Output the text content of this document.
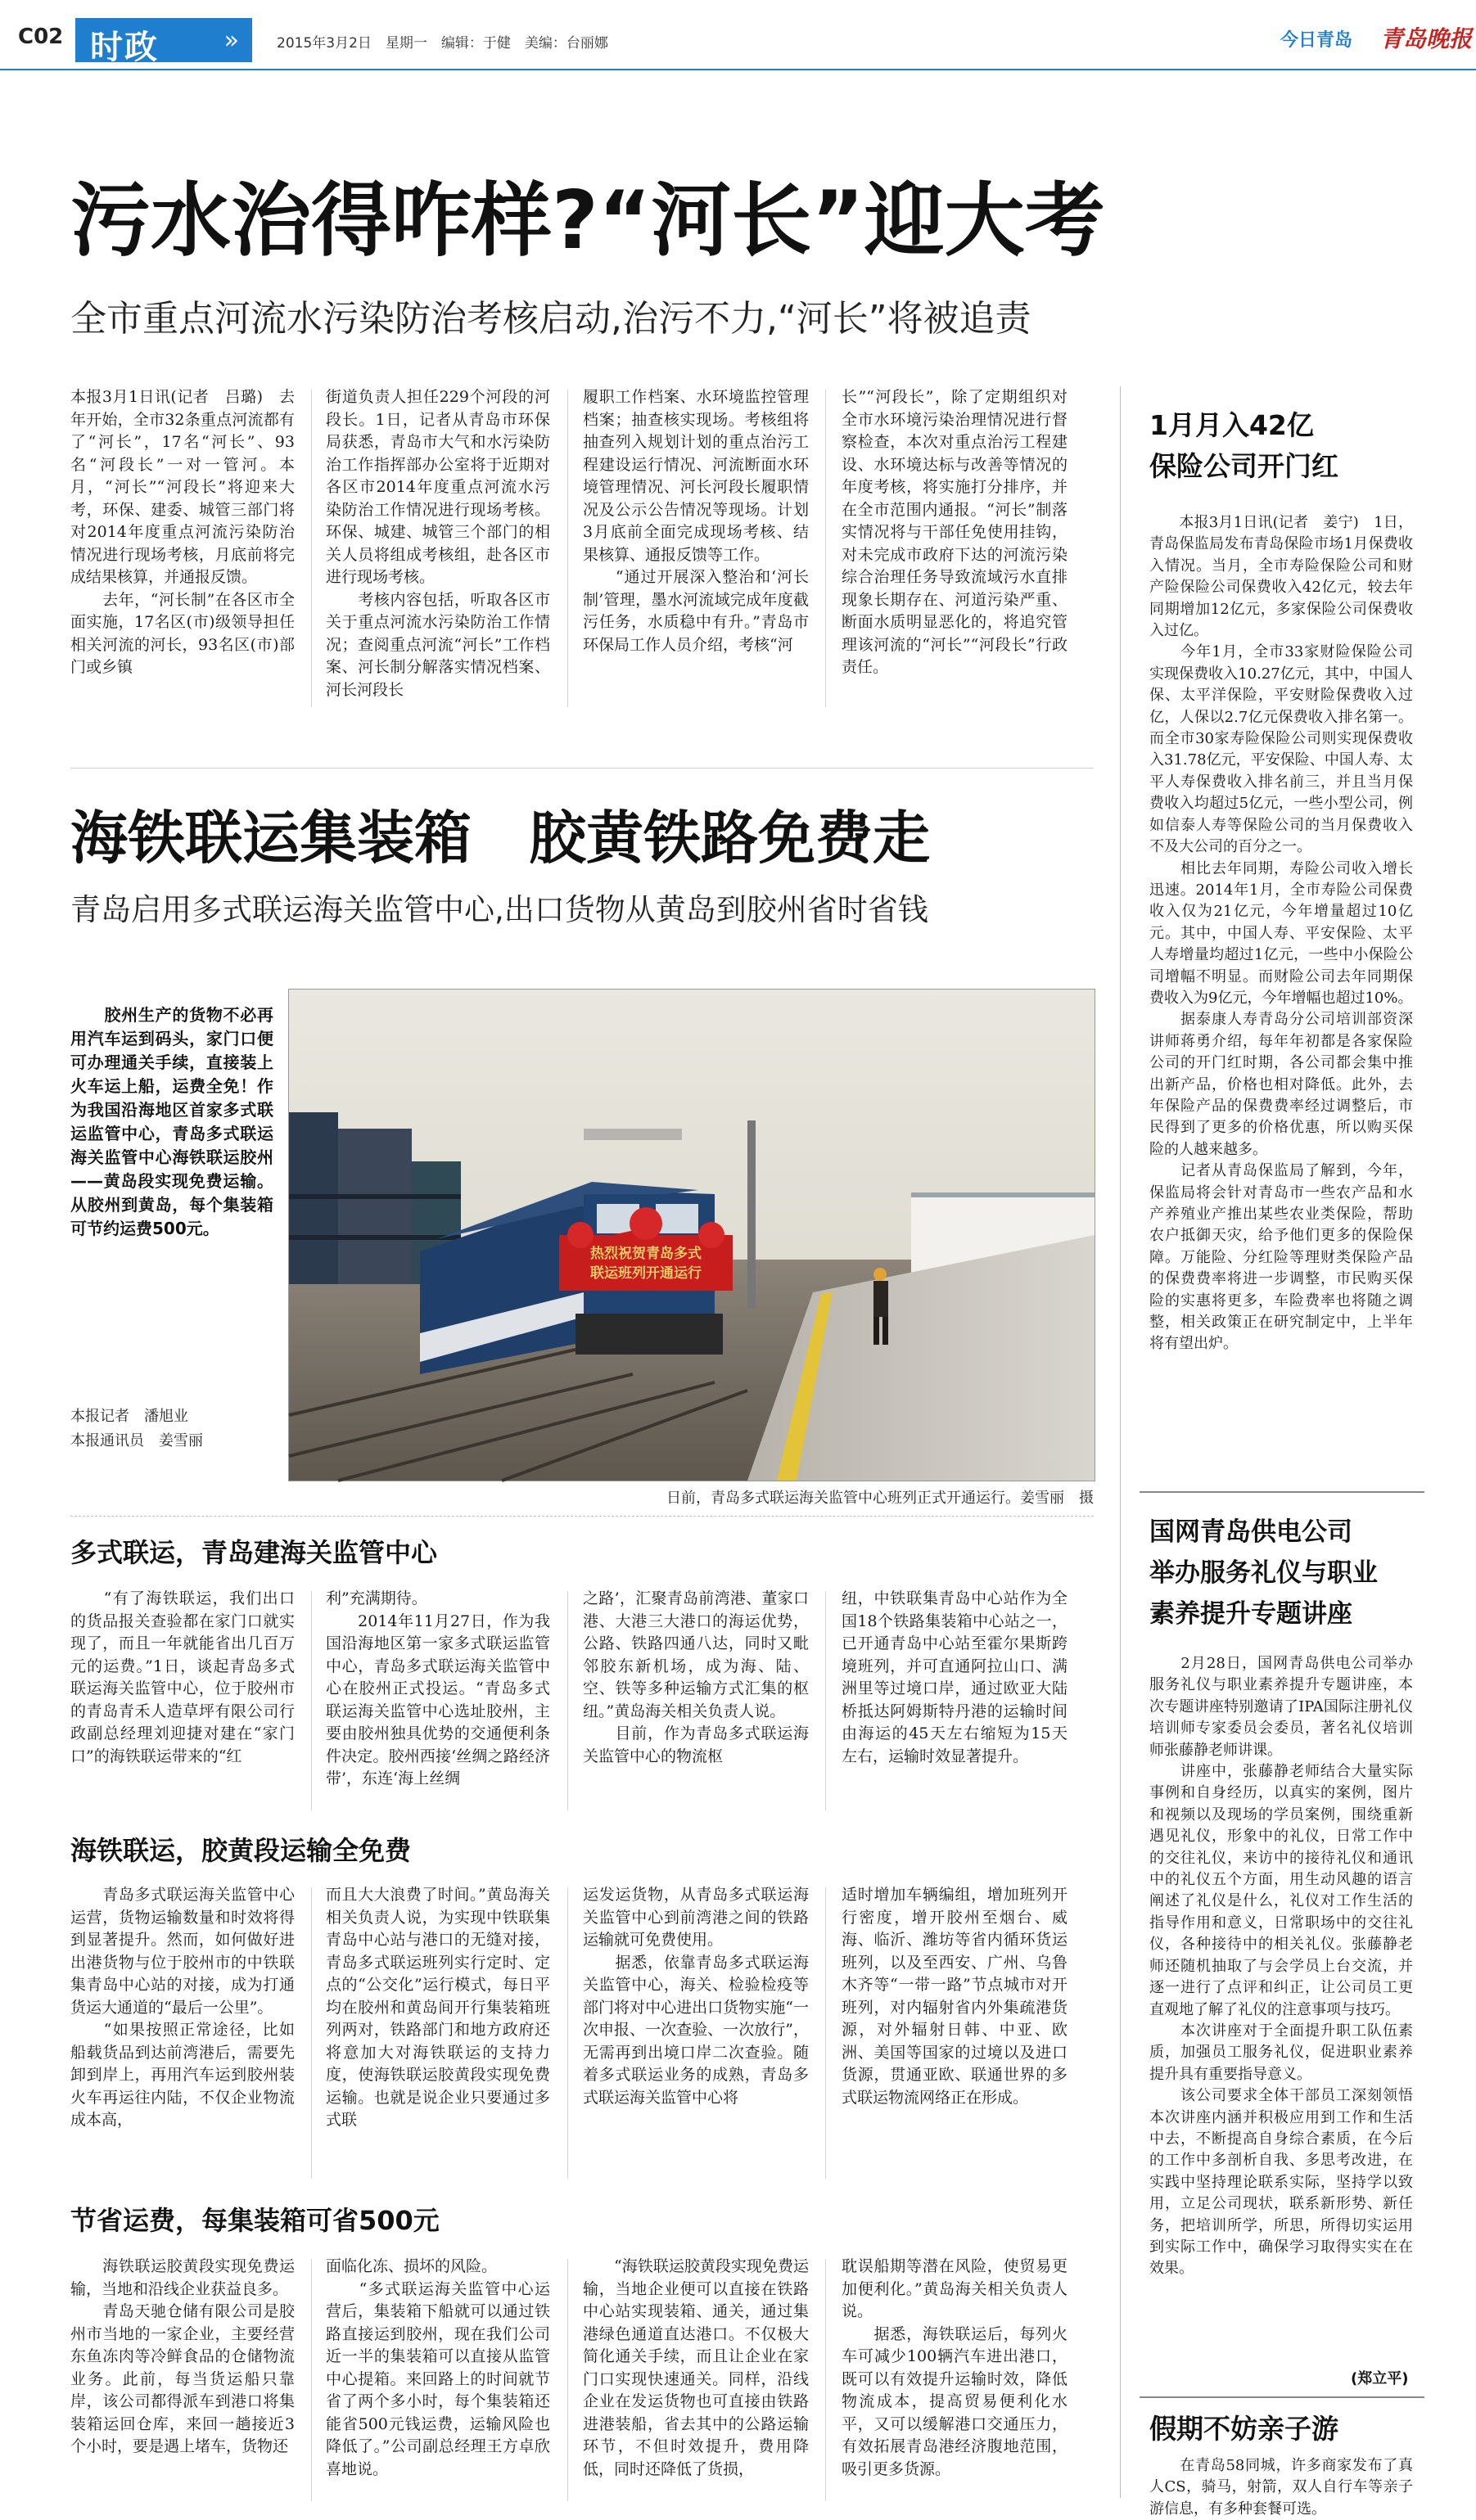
C02 时政	»	2015年3月2日　星期一　编辑：于健　美编：台丽娜	今日青岛 青岛晚报
污水治得咋样?“河长”迎大考
全市重点河流水污染防治考核启动,治污不力,“河长”将被追责
本报3月1日讯(记者　吕璐)　去年开始，全市32条重点河流都有了“河长”，17名“河长”、93名“河段长”一对一管河。本月，“河长”“河段长”将迎来大考，环保、建委、城管三部门将对2014年度重点河流污染防治情况进行现场考核，月底前将完成结果核算，并通报反馈。
　　去年，“河长制”在各区市全面实施，17名区(市)级领导担任相关河流的河长，93名区(市)部门或乡镇
街道负责人担任229个河段的河段长。1日，记者从青岛市环保局获悉，青岛市大气和水污染防治工作指挥部办公室将于近期对各区市2014年度重点河流水污染防治工作情况进行现场考核。环保、城建、城管三个部门的相关人员将组成考核组，赴各区市进行现场考核。
　　考核内容包括，听取各区市关于重点河流水污染防治工作情况；查阅重点河流“河长”工作档案、河长制分解落实情况档案、河长河段长
履职工作档案、水环境监控管理档案；抽查核实现场。考核组将抽查列入规划计划的重点治污工程建设运行情况、河流断面水环境管理情况、河长河段长履职情况及公示公告情况等现场。计划3月底前全面完成现场考核、结果核算、通报反馈等工作。
　　“通过开展深入整治和‘河长制’管理，墨水河流域完成年度截污任务，水质稳中有升。”青岛市环保局工作人员介绍，考核“河
长”“河段长”，除了定期组织对全市水环境污染治理情况进行督察检查，本次对重点治污工程建设、水环境达标与改善等情况的年度考核，将实施打分排序，并在全市范围内通报。“河长”制落实情况将与干部任免使用挂钩，对未完成市政府下达的河流污染综合治理任务导致流域污水直排现象长期存在、河道污染严重、断面水质明显恶化的，将追究管理该河流的“河长”“河段长”行政责任。
海铁联运集装箱　胶黄铁路免费走
青岛启用多式联运海关监管中心,出口货物从黄岛到胶州省时省钱
　　胶州生产的货物不必再用汽车运到码头，家门口便可办理通关手续，直接装上火车运上船，运费全免！作为我国沿海地区首家多式联运监管中心，青岛多式联运海关监管中心海铁联运胶州——黄岛段实现免费运输。从胶州到黄岛，每个集装箱可节约运费500元。
本报记者　潘旭业
本报通讯员　姜雪丽
热烈祝贺青岛多式
联运班列开通运行
日前，青岛多式联运海关监管中心班列正式开通运行。姜雪丽　摄
多式联运，青岛建海关监管中心
　　“有了海铁联运，我们出口的货品报关查验都在家门口就实现了，而且一年就能省出几百万元的运费。”1日，谈起青岛多式联运海关监管中心，位于胶州市的青岛青禾人造草坪有限公司行政副总经理刘迎捷对建在“家门口”的海铁联运带来的“红
利”充满期待。
　　2014年11月27日，作为我国沿海地区第一家多式联运监管中心，青岛多式联运海关监管中心在胶州正式投运。“青岛多式联运海关监管中心选址胶州，主要由胶州独具优势的交通便利条件决定。胶州西接‘丝绸之路经济带’，东连‘海上丝绸
之路’，汇聚青岛前湾港、董家口港、大港三大港口的海运优势，公路、铁路四通八达，同时又毗邻胶东新机场，成为海、陆、空、铁等多种运输方式汇集的枢纽。”黄岛海关相关负责人说。
　　目前，作为青岛多式联运海关监管中心的物流枢
纽，中铁联集青岛中心站作为全国18个铁路集装箱中心站之一，已开通青岛中心站至霍尔果斯跨境班列，并可直通阿拉山口、满洲里等过境口岸，通过欧亚大陆桥抵达阿姆斯特丹港的运输时间由海运的45天左右缩短为15天左右，运输时效显著提升。
海铁联运，胶黄段运输全免费
　　青岛多式联运海关监管中心运营，货物运输数量和时效将得到显著提升。然而，如何做好进出港货物与位于胶州市的中铁联集青岛中心站的对接，成为打通货运大通道的“最后一公里”。
　　“如果按照正常途径，比如船载货品到达前湾港后，需要先卸到岸上，再用汽车运到胶州装火车再运往内陆，不仅企业物流成本高，
而且大大浪费了时间。”黄岛海关相关负责人说，为实现中铁联集青岛中心站与港口的无缝对接，青岛多式联运班列实行定时、定点的“公交化”运行模式，每日平均在胶州和黄岛间开行集装箱班列两对，铁路部门和地方政府还将意加大对海铁联运的支持力度，使海铁联运胶黄段实现免费运输。也就是说企业只要通过多式联
运发运货物，从青岛多式联运海关监管中心到前湾港之间的铁路运输就可免费使用。
　　据悉，依靠青岛多式联运海关监管中心，海关、检验检疫等部门将对中心进出口货物实施“一次申报、一次查验、一次放行”，无需再到出境口岸二次查验。随着多式联运业务的成熟，青岛多式联运海关监管中心将
适时增加车辆编组，增加班列开行密度，增开胶州至烟台、威海、临沂、潍坊等省内循环货运班列，以及至西安、广州、乌鲁木齐等“一带一路”节点城市对开班列，对内辐射省内外集疏港货源，对外辐射日韩、中亚、欧洲、美国等国家的过境以及进口货源，贯通亚欧、联通世界的多式联运物流网络正在形成。
节省运费，每集装箱可省500元
　　海铁联运胶黄段实现免费运输，当地和沿线企业获益良多。
　　青岛天驰仓储有限公司是胶州市当地的一家企业，主要经营东鱼冻肉等冷鲜食品的仓储物流业务。此前，每当货运船只靠岸，该公司都得派车到港口将集装箱运回仓库，来回一趟接近3个小时，要是遇上堵车，货物还
面临化冻、损坏的风险。
　　“多式联运海关监管中心运营后，集装箱下船就可以通过铁路直接运到胶州，现在我们公司近一半的集装箱可以直接从监管中心提箱。来回路上的时间就节省了两个多小时，每个集装箱还能省500元钱运费，运输风险也降低了。”公司副总经理王方卓欣喜地说。
　　“海铁联运胶黄段实现免费运输，当地企业便可以直接在铁路中心站实现装箱、通关，通过集港绿色通道直达港口。不仅极大简化通关手续，而且让企业在家门口实现快速通关。同样，沿线企业在发运货物也可直接由铁路进港装船，省去其中的公路运输环节，不但时效提升，费用降低，同时还降低了货损，
耽误船期等潜在风险，使贸易更加便利化。”黄岛海关相关负责人说。
　　据悉，海铁联运后，每列火车可减少100辆汽车进出港口，既可以有效提升运输时效，降低物流成本，提高贸易便利化水平，又可以缓解港口交通压力，有效拓展青岛港经济腹地范围，吸引更多货源。
1月月入42亿
保险公司开门红
　　本报3月1日讯(记者　姜宁)　1日，青岛保监局发布青岛保险市场1月保费收入情况。当月，全市寿险保险公司和财产险保险公司保费收入42亿元，较去年同期增加12亿元，多家保险公司保费收入过亿。
　　今年1月，全市33家财险保险公司实现保费收入10.27亿元，其中，中国人保、太平洋保险，平安财险保费收入过亿，人保以2.7亿元保费收入排名第一。而全市30家寿险保险公司则实现保费收入31.78亿元，平安保险、中国人寿、太平人寿保费收入排名前三，并且当月保费收入均超过5亿元，一些小型公司，例如信泰人寿等保险公司的当月保费收入不及大公司的百分之一。
　　相比去年同期，寿险公司收入增长迅速。2014年1月，全市寿险公司保费收入仅为21亿元，今年增量超过10亿元。其中，中国人寿、平安保险、太平人寿增量均超过1亿元，一些中小保险公司增幅不明显。而财险公司去年同期保费收入为9亿元，今年增幅也超过10%。
　　据泰康人寿青岛分公司培训部资深讲师蒋勇介绍，每年年初都是各家保险公司的开门红时期，各公司都会集中推出新产品，价格也相对降低。此外，去年保险产品的保费费率经过调整后，市民得到了更多的价格优惠，所以购买保险的人越来越多。
　　记者从青岛保监局了解到，今年，保监局将会针对青岛市一些农产品和水产养殖业产推出某些农业类保险，帮助农户抵御天灾，给予他们更多的保险保障。万能险、分红险等理财类保险产品的保费费率将进一步调整，市民购买保险的实惠将更多，车险费率也将随之调整，相关政策正在研究制定中，上半年将有望出炉。
国网青岛供电公司
举办服务礼仪与职业
素养提升专题讲座
　　2月28日，国网青岛供电公司举办服务礼仪与职业素养提升专题讲座，本次专题讲座特别邀请了IPA国际注册礼仪培训师专家委员会委员，著名礼仪培训师张藤静老师讲课。
　　讲座中，张藤静老师结合大量实际事例和自身经历，以真实的案例，图片和视频以及现场的学员案例，围绕重新遇见礼仪，形象中的礼仪，日常工作中的交往礼仪，来访中的接待礼仪和通讯中的礼仪五个方面，用生动风趣的语言阐述了礼仪是什么，礼仪对工作生活的指导作用和意义，日常职场中的交往礼仪，各种接待中的相关礼仪。张藤静老师还随机抽取了与会学员上台交流，并逐一进行了点评和纠正，让公司员工更直观地了解了礼仪的注意事项与技巧。
　　本次讲座对于全面提升职工队伍素质，加强员工服务礼仪，促进职业素养提升具有重要指导意义。
　　该公司要求全体干部员工深刻领悟本次讲座内涵并积极应用到工作和生活中去，不断提高自身综合素质，在今后的工作中多剖析自我、多思考改进，在实践中坚持理论联系实际，坚持学以致用，立足公司现状，联系新形势、新任务，把培训所学，所思，所得切实运用到实际工作中，确保学习取得实实在在效果。
(郑立平)
假期不妨亲子游
　　在青岛58同城，许多商家发布了真人CS，骑马，射箭，双人自行车等亲子游信息，有多种套餐可选。
